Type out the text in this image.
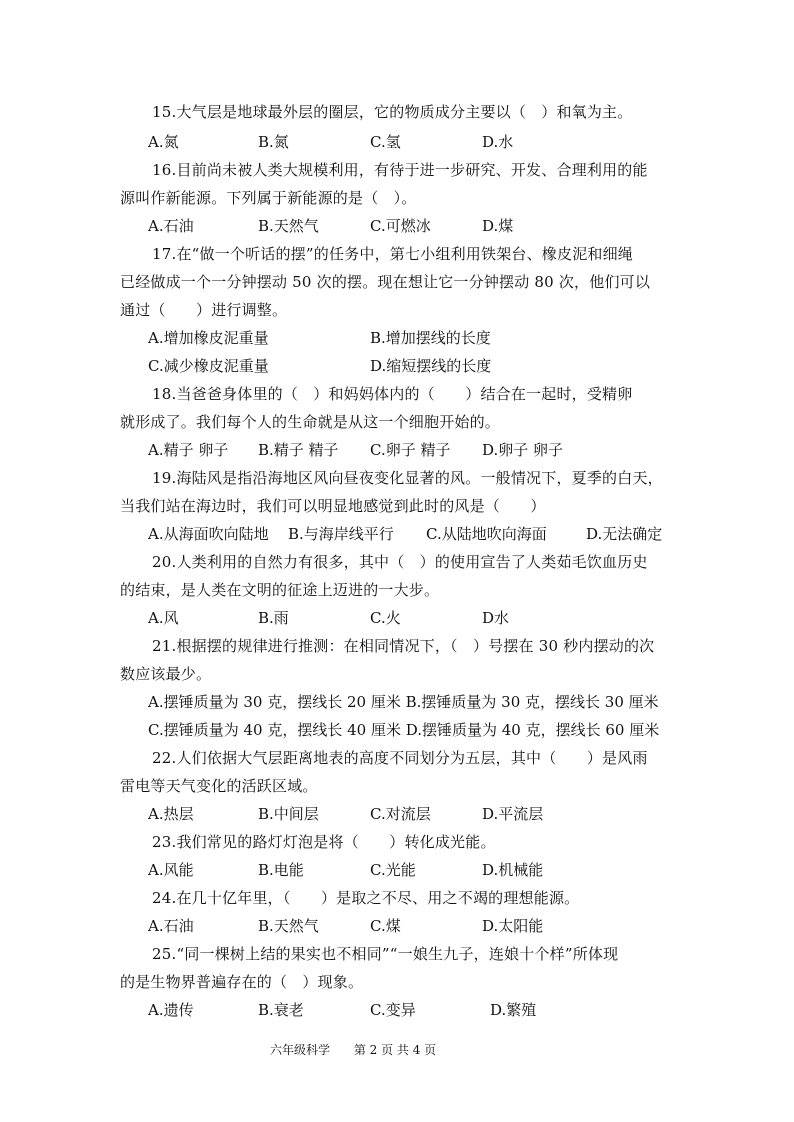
15.大气层是地球最外层的圈层，它的物质成分主要以（　）和氧为主。
A.氮	B.氮	C.氢	D.水
16.目前尚未被人类大规模利用，有待于进一步研究、开发、合理利用的能
源叫作新能源。下列属于新能源的是（　）。
A.石油	B.天然气	C.可燃冰	D.煤
17.在“做一个听话的摆”的任务中，第七小组利用铁架台、橡皮泥和细绳
已经做成一个一分钟摆动 50 次的摆。现在想让它一分钟摆动 80 次，他们可以
通过（　　）进行调整。
A.增加橡皮泥重量	B.增加摆线的长度
C.减少橡皮泥重量	D.缩短摆线的长度
18.当爸爸身体里的（　）和妈妈体内的（　　）结合在一起时，受精卵
就形成了。我们每个人的生命就是从这一个细胞开始的。
A.精子 卵子 B.精子 精子 C.卵子 精子 D.卵子 卵子
19.海陆风是指沿海地区风向昼夜变化显著的风。一般情况下，夏季的白天，
当我们站在海边时，我们可以明显地感觉到此时的风是（　　）
A.从海面吹向陆地 B.与海岸线平行 C.从陆地吹向海面	D.无法确定
20.人类利用的自然力有很多，其中（　）的使用宣告了人类茹毛饮血历史
的结束，是人类在文明的征途上迈进的一大步。
A.风	B.雨	C.火	D水
21.根据摆的规律进行推测：在相同情况下，（　）号摆在 30 秒内摆动的次
数应该最少。
A.摆锤质量为 30 克，摆线长 20 厘米 B.摆锤质量为 30 克，摆线长 30 厘米
C.摆锤质量为 40 克，摆线长 40 厘米 D.摆锤质量为 40 克，摆线长 60 厘米
22.人们依据大气层距离地表的高度不同划分为五层，其中（　　）是风雨
雷电等天气变化的活跃区域。
A.热层	B.中间层	C.对流层	D.平流层
23.我们常见的路灯灯泡是将（　　）转化成光能。
A.风能	B.电能	C.光能	D.机械能
24.在几十亿年里，（　　）是取之不尽、用之不竭的理想能源。
A.石油	B.天然气	C.煤	D.太阳能
25.“同一棵树上结的果实也不相同”“一娘生九子，连娘十个样”所体现
的是生物界普遍存在的（　）现象。
A.遗传	B.衰老	C.变异	D.繁殖
六年级科学 第 2 页 共 4 页
